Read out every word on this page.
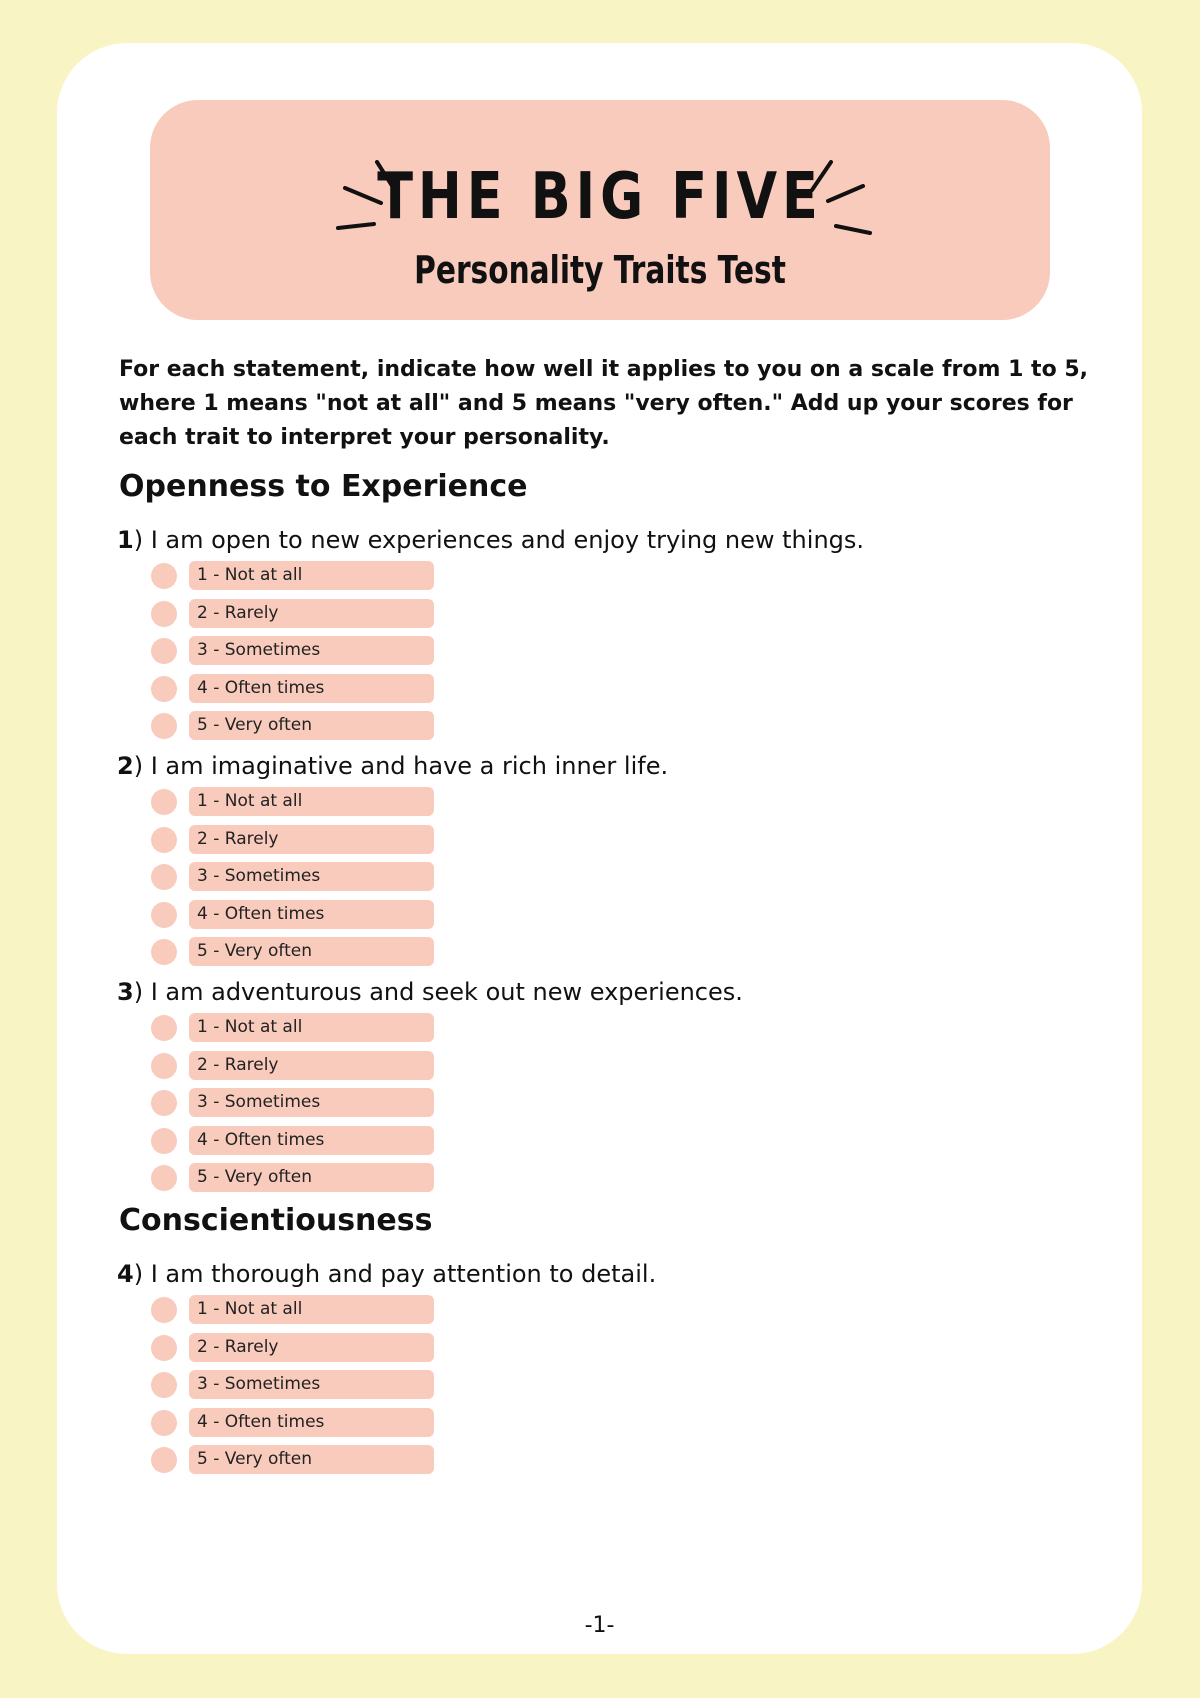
THE BIG FIVE
Personality Traits Test

For each statement, indicate how well it applies to you on a scale from 1 to 5, where 1 means "not at all" and 5 means "very often." Add up your scores for each trait to interpret your personality.

Openness to Experience

1) I am open to new experiences and enjoy trying new things.

1 - Not at all
2 - Rarely
3 - Sometimes
4 - Often times
5 - Very often

2) I am imaginative and have a rich inner life.

1 - Not at all
2 - Rarely
3 - Sometimes
4 - Often times
5 - Very often

3) I am adventurous and seek out new experiences.

1 - Not at all
2 - Rarely
3 - Sometimes
4 - Often times
5 - Very often
Conscientiousness

4) I am thorough and pay attention to detail.

1 - Not at all
2 - Rarely
3 - Sometimes
4 - Often times
5 - Very often

-1-
